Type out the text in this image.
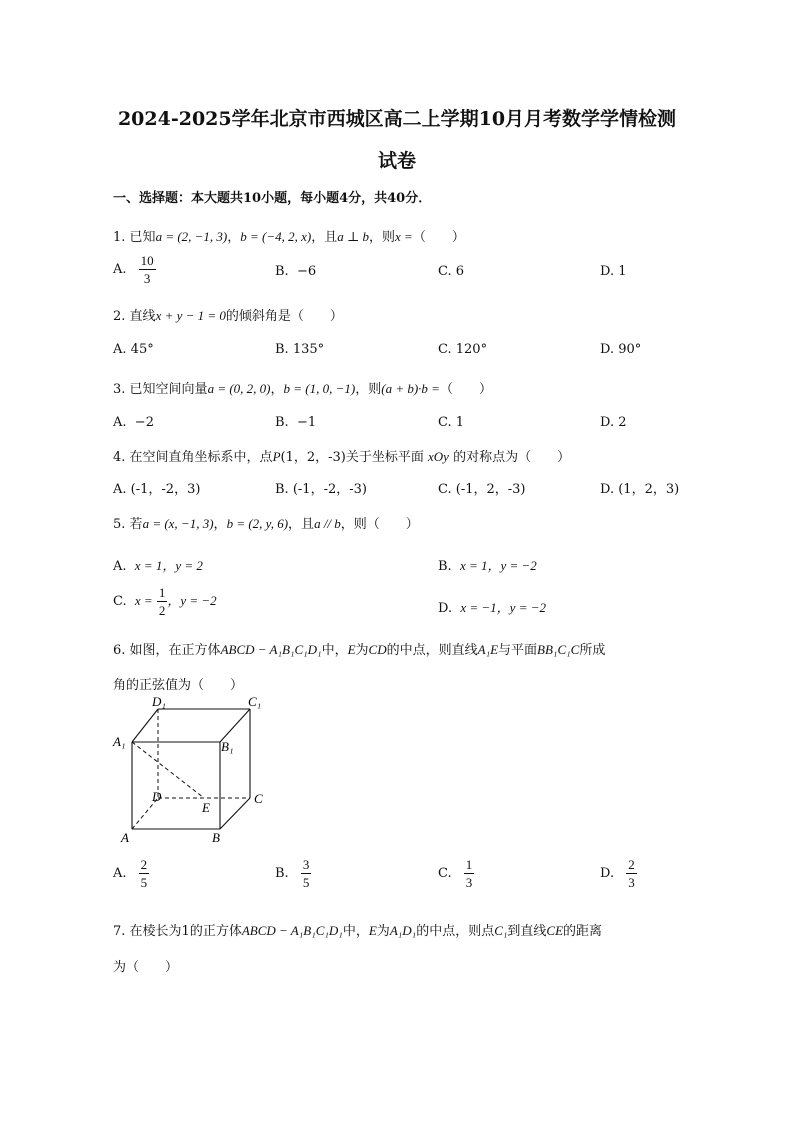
2024-2025学年北京市西城区高二上学期10月月考数学学情检测
试卷
一、选择题：本大题共10小题，每小题4分，共40分．
1. 已知a = (2, −1, 3)，b = (−4, 2, x)，且a ⊥ b，则x =（　　）
A. $\frac{10}{3}$	B. −6	C. 6	D. 1
2. 直线x + y − 1 = 0的倾斜角是（　　）
A. 45°	B. 135°	C. 120°	D. 90°
3. 已知空间向量a = (0, 2, 0)，b = (1, 0, −1)，则(a + b)·b =（　　）
A. −2	B. −1	C. 1	D. 2
4. 在空间直角坐标系中，点P(1，2，-3)关于坐标平面 xOy 的对称点为（　　）
A. (-1，-2，3)	B. (-1，-2，-3)	C. (-1，2，-3)	D. (1，2，3)
5. 若a = (x, −1, 3)，b = (2, y, 6)，且a // b，则（　　）
A. x = 1，y = 2	B. x = 1，y = −2
C. $x = \frac{1}{2}$ ，y = −2
D. x = −1，y = −2
6. 如图，在正方体ABCD − A₁B₁C₁D₁中，E为CD的中点，则直线A₁E与平面BB₁C₁C所成
角的正弦值为（　　）
D₁	C₁
A₁	B₁
D
E
C
A	B
A. $\frac{2}{5}$	B. $\frac{3}{5}$	C. $\frac{1}{3}$	D. $\frac{2}{3}$
7. 在棱长为1的正方体ABCD − A₁B₁C₁D₁中，E为A₁D₁的中点，则点C₁到直线CE的距离
为（　　）
